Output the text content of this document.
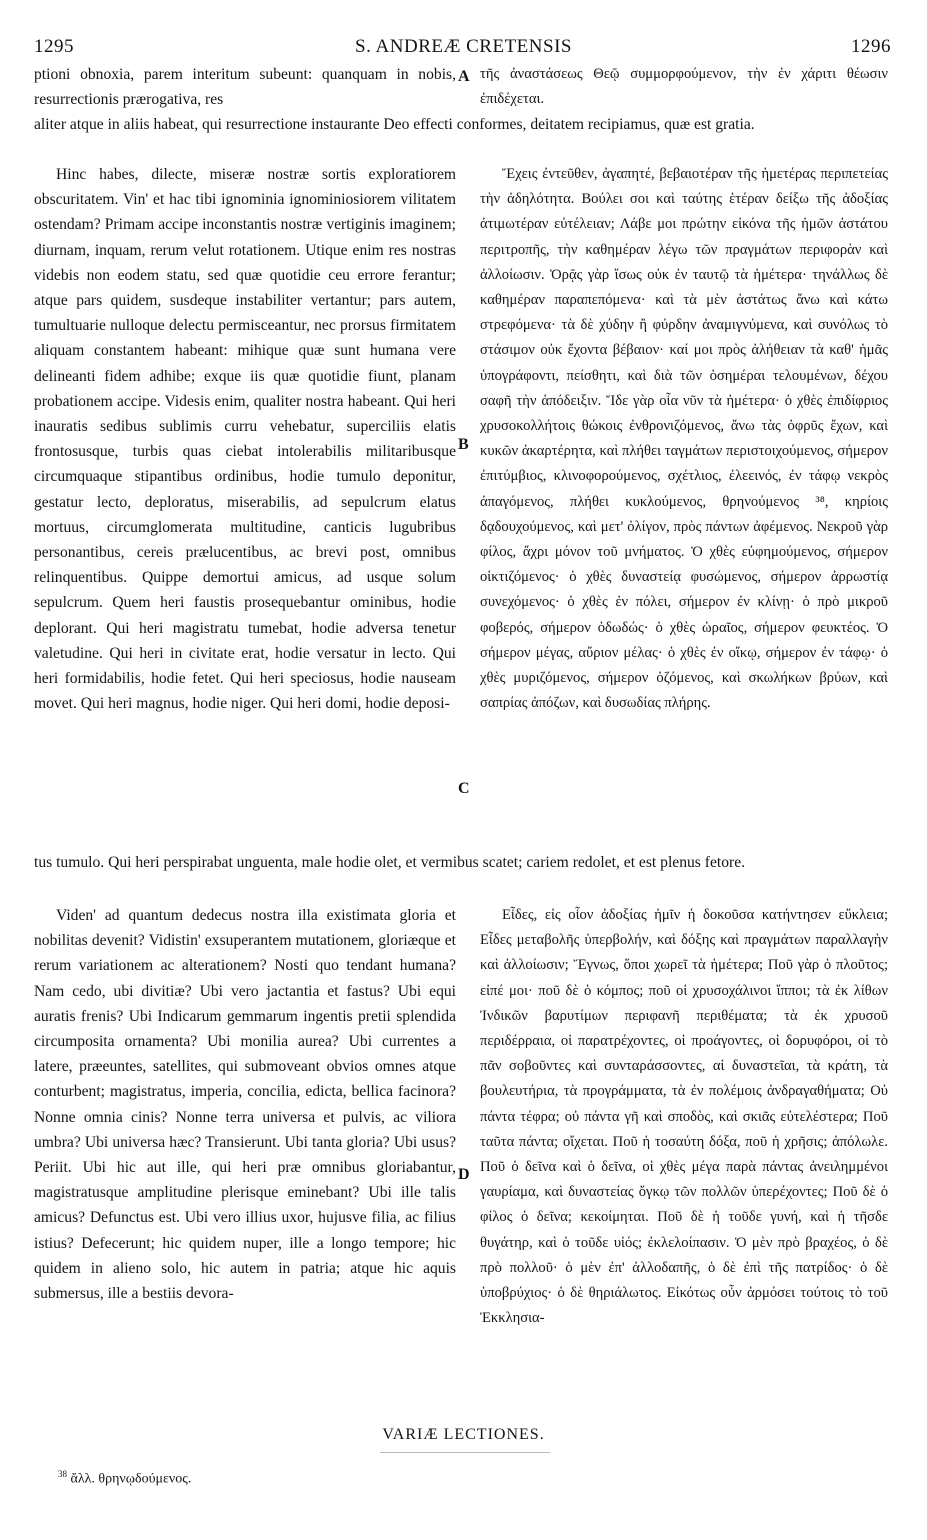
1295	S. ANDREÆ CRETENSIS	1296

ptioni obnoxia, parem interitum subeunt: quanquam in nobis, resurrectionis prærogativa, res

τῆς ἀναστάσεως Θεῷ συμμορφούμενον, τὴν ἐν χάριτι θέωσιν ἐπιδέχεται.

aliter atque in aliis habeat, qui resurrectione instaurante Deo effecti conformes, deitatem recipiamus, quæ est gratia.

Hinc habes, dilecte, miseræ nostræ sortis exploratiorem obscuritatem. Vin' et hac tibi ignominia ignominiosiorem vilitatem ostendam? Primam accipe inconstantis nostræ vertiginis imaginem; diurnam, inquam, rerum velut rotationem. Utique enim res nostras videbis non eodem statu, sed quæ quotidie ceu errore ferantur; atque pars quidem, susdeque instabiliter vertantur; pars autem, tumultuarie nulloque delectu permisceantur, nec prorsus firmitatem aliquam constantem habeant: mihique quæ sunt humana vere delineanti fidem adhibe; exque iis quæ quotidie fiunt, planam probationem accipe. Videsis enim, qualiter nostra habeant. Qui heri inauratis sedibus sublimis curru vehebatur, superciliis elatis frontosusque, turbis quas ciebat intolerabilis militaribusque circumquaque stipantibus ordinibus, hodie tumulo deponitur, gestatur lecto, deploratus, miserabilis, ad sepulcrum elatus mortuus, circumglomerata multitudine, canticis lugubribus personantibus, cereis prælucentibus, ac brevi post, omnibus relinquentibus. Quippe demortui amicus, ad usque solum sepulcrum. Quem heri faustis prosequebantur ominibus, hodie deplorant. Qui heri magistratu tumebat, hodie adversa tenetur valetudine. Qui heri in civitate erat, hodie versatur in lecto. Qui heri formidabilis, hodie fetet. Qui heri speciosus, hodie nauseam movet. Qui heri magnus, hodie niger. Qui heri domi, hodie deposi-

Ἔχεις ἐντεῦθεν, ἀγαπητέ, βεβαιοτέραν τῆς ἡμετέρας περιπετείας τὴν ἀδηλότητα. Βούλει σοι καὶ ταύτης ἑτέραν δείξω τῆς ἀδοξίας ἀτιμωτέραν εὐτέλειαν; Λάβε μοι πρώτην εἰκόνα τῆς ἡμῶν ἀστάτου περιτροπῆς, τὴν καθημέραν λέγω τῶν πραγμάτων περιφορὰν καὶ ἀλλοίωσιν. Ὁρᾷς γὰρ ἴσως οὐκ ἐν ταυτῷ τὰ ἡμέτερα· τηνάλλως δὲ καθημέραν παραπεπόμενα· καὶ τὰ μὲν ἀστάτως ἄνω καὶ κάτω στρεφόμενα· τὰ δὲ χύδην ἢ φύρδην ἀναμιγνύμενα, καὶ συνόλως τὸ στάσιμον οὐκ ἔχοντα βέβαιον· καί μοι πρὸς ἀλήθειαν τὰ καθ' ἡμᾶς ὑπογράφοντι, πείσθητι, καὶ διὰ τῶν ὁσημέραι τελουμένων, δέχου σαφῆ τὴν ἀπόδειξιν. Ἴδε γὰρ οἷα νῦν τὰ ἡμέτερα· ὁ χθὲς ἐπιδίφριος χρυσοκολλήτοις θώκοις ἐνθρονιζόμενος, ἄνω τὰς ὀφρῦς ἔχων, καὶ κυκῶν ἀκαρτέρητα, καὶ πλήθει ταγμάτων περιστοιχούμενος, σήμερον ἐπιτύμβιος, κλινοφορούμενος, σχέτλιος, ἐλεεινός, ἐν τάφῳ νεκρὸς ἀπαγόμενος, πλήθει κυκλούμενος, θρηνούμενος ³⁸, κηρίοις δᾳδουχούμενος, καὶ μετ' ὀλίγον, πρὸς πάντων ἀφέμενος. Νεκροῦ γὰρ φίλος, ἄχρι μόνον τοῦ μνήματος. Ὁ χθὲς εὐφημούμενος, σήμερον οἰκτιζόμενος· ὁ χθὲς δυναστείᾳ φυσώμενος, σήμερον ἀρρωστίᾳ συνεχόμενος· ὁ χθὲς ἐν πόλει, σήμερον ἐν κλίνῃ· ὁ πρὸ μικροῦ φοβερός, σήμερον ὀδωδώς· ὁ χθὲς ὡραῖος, σήμερον φευκτέος. Ὁ σήμερον μέγας, αὔριον μέλας· ὁ χθὲς ἐν οἴκῳ, σήμερον ἐν τάφῳ· ὁ χθὲς μυριζόμενος, σήμερον ὀζόμενος, καὶ σκωλήκων βρύων, καὶ σαπρίας ἀπόζων, καὶ δυσωδίας πλήρης.

tus tumulo. Qui heri perspirabat unguenta, male hodie olet, et vermibus scatet; cariem redolet, et est plenus fetore.

Viden' ad quantum dedecus nostra illa existimata gloria et nobilitas devenit? Vidistin' exsuperantem mutationem, gloriæque et rerum variationem ac alterationem? Nosti quo tendant humana? Nam cedo, ubi divitiæ? Ubi vero jactantia et fastus? Ubi equi auratis frenis? Ubi Indicarum gemmarum ingentis pretii splendida circumposita ornamenta? Ubi monilia aurea? Ubi currentes a latere, præeuntes, satellites, qui submoveant obvios omnes atque conturbent; magistratus, imperia, concilia, edicta, bellica facinora? Nonne omnia cinis? Nonne terra universa et pulvis, ac viliora umbra? Ubi universa hæc? Transierunt. Ubi tanta gloria? Ubi usus? Periit. Ubi hic aut ille, qui heri præ omnibus gloriabantur, magistratusque amplitudine plerisque eminebant? Ubi ille talis amicus? Defunctus est. Ubi vero illius uxor, hujusve filia, ac filius istius? Defecerunt; hic quidem nuper, ille a longo tempore; hic quidem in alieno solo, hic autem in patria; atque hic aquis submersus, ille a bestiis devora-

Εἶδες, εἰς οἷον ἀδοξίας ἡμῖν ἡ δοκοῦσα κατήντησεν εὔκλεια; Εἶδες μεταβολῆς ὑπερβολήν, καὶ δόξης καὶ πραγμάτων παραλλαγὴν καὶ ἀλλοίωσιν; Ἔγνως, ὅποι χωρεῖ τὰ ἡμέτερα; Ποῦ γὰρ ὁ πλοῦτος; εἰπέ μοι· ποῦ δὲ ὁ κόμπος; ποῦ οἱ χρυσοχάλινοι ἵπποι; τὰ ἐκ λίθων Ἰνδικῶν βαρυτίμων περιφανῆ περιθέματα; τὰ ἐκ χρυσοῦ περιδέρραια, οἱ παρατρέχοντες, οἱ προάγοντες, οἱ δορυφόροι, οἱ τὸ πᾶν σοβοῦντες καὶ συνταράσσοντες, αἱ δυναστεῖαι, τὰ κράτη, τὰ βουλευτήρια, τὰ προγράμματα, τὰ ἐν πολέμοις ἀνδραγαθήματα; Οὐ πάντα τέφρα; οὐ πάντα γῆ καὶ σποδὸς, καὶ σκιᾶς εὐτελέστερα; Ποῦ ταῦτα πάντα; οἴχεται. Ποῦ ἡ τοσαύτη δόξα, ποῦ ἡ χρῆσις; ἀπόλωλε. Ποῦ ὁ δεῖνα καὶ ὁ δεῖνα, οἱ χθὲς μέγα παρὰ πάντας ἀνειλημμένοι γαυρίαμα, καὶ δυναστείας ὄγκῳ τῶν πολλῶν ὑπερέχοντες; Ποῦ δὲ ὁ φίλος ὁ δεῖνα; κεκοίμηται. Ποῦ δὲ ἡ τοῦδε γυνή, καὶ ἡ τῆσδε θυγάτηρ, καὶ ὁ τοῦδε υἱός; ἐκλελοίπασιν. Ὁ μὲν πρὸ βραχέος, ὁ δὲ πρὸ πολλοῦ· ὁ μὲν ἐπ' ἀλλοδαπῆς, ὁ δὲ ἐπὶ τῆς πατρίδος· ὁ δὲ ὑποβρύχιος· ὁ δὲ θηριάλωτος. Εἰκότως οὖν ἁρμόσει τούτοις τὸ τοῦ Ἐκκλησια-

A
B
C
D
VARIÆ LECTIONES.
$^{38}$ ἄλλ. θρηνῳδούμενος.
